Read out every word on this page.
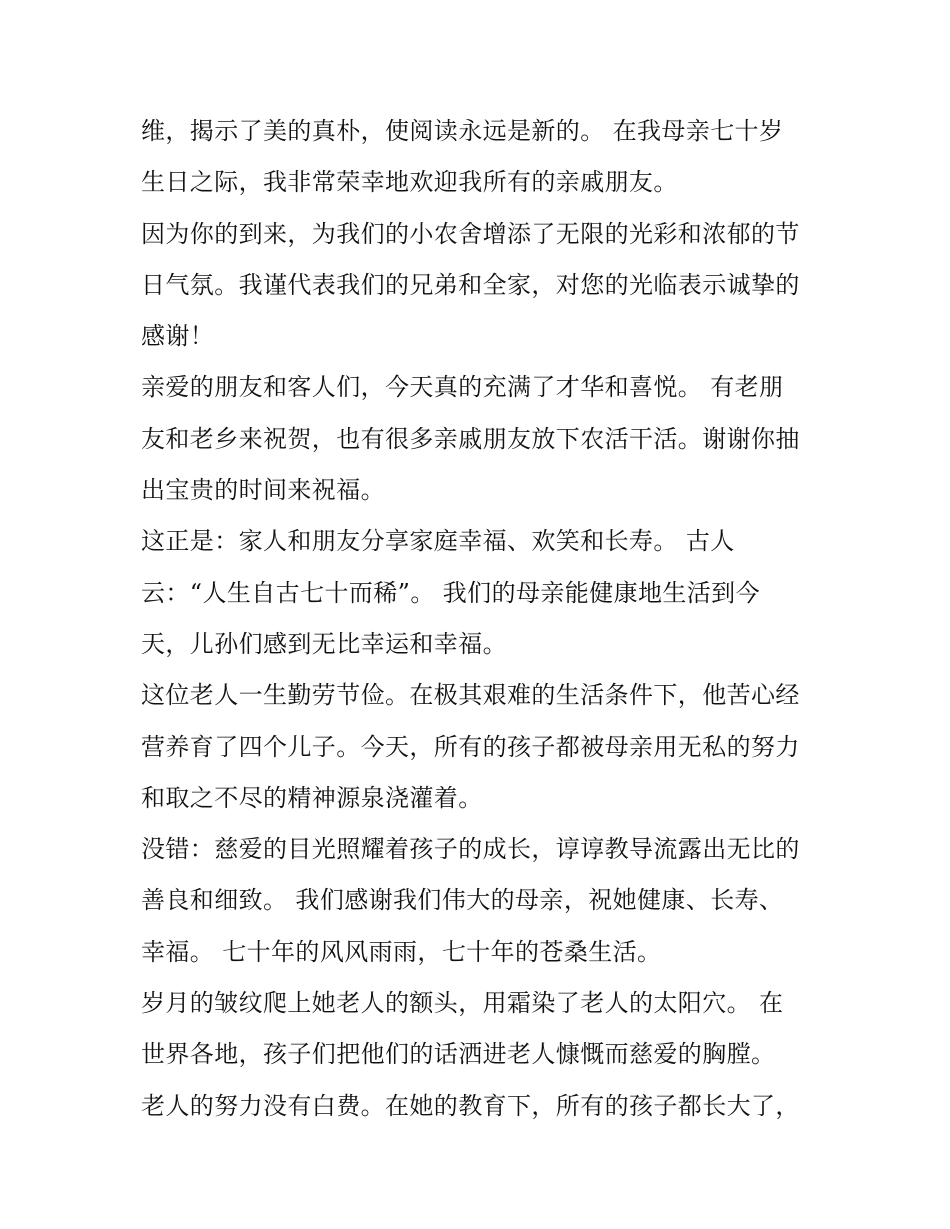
维，揭示了美的真朴，使阅读永远是新的。 在我母亲七十岁
生日之际，我非常荣幸地欢迎我所有的亲戚朋友。
因为你的到来，为我们的小农舍增添了无限的光彩和浓郁的节
日气氛。我谨代表我们的兄弟和全家，对您的光临表示诚挚的
感谢！
亲爱的朋友和客人们，今天真的充满了才华和喜悦。 有老朋
友和老乡来祝贺，也有很多亲戚朋友放下农活干活。谢谢你抽
出宝贵的时间来祝福。
这正是：家人和朋友分享家庭幸福、欢笑和长寿。 古人
云：“人生自古七十而稀”。 我们的母亲能健康地生活到今
天，儿孙们感到无比幸运和幸福。
这位老人一生勤劳节俭。在极其艰难的生活条件下，他苦心经
营养育了四个儿子。今天，所有的孩子都被母亲用无私的努力
和取之不尽的精神源泉浇灌着。
没错：慈爱的目光照耀着孩子的成长，谆谆教导流露出无比的
善良和细致。 我们感谢我们伟大的母亲，祝她健康、长寿、
幸福。 七十年的风风雨雨，七十年的苍桑生活。
岁月的皱纹爬上她老人的额头，用霜染了老人的太阳穴。 在
世界各地，孩子们把他们的话洒进老人慷慨而慈爱的胸膛。
老人的努力没有白费。在她的教育下，所有的孩子都长大了，
